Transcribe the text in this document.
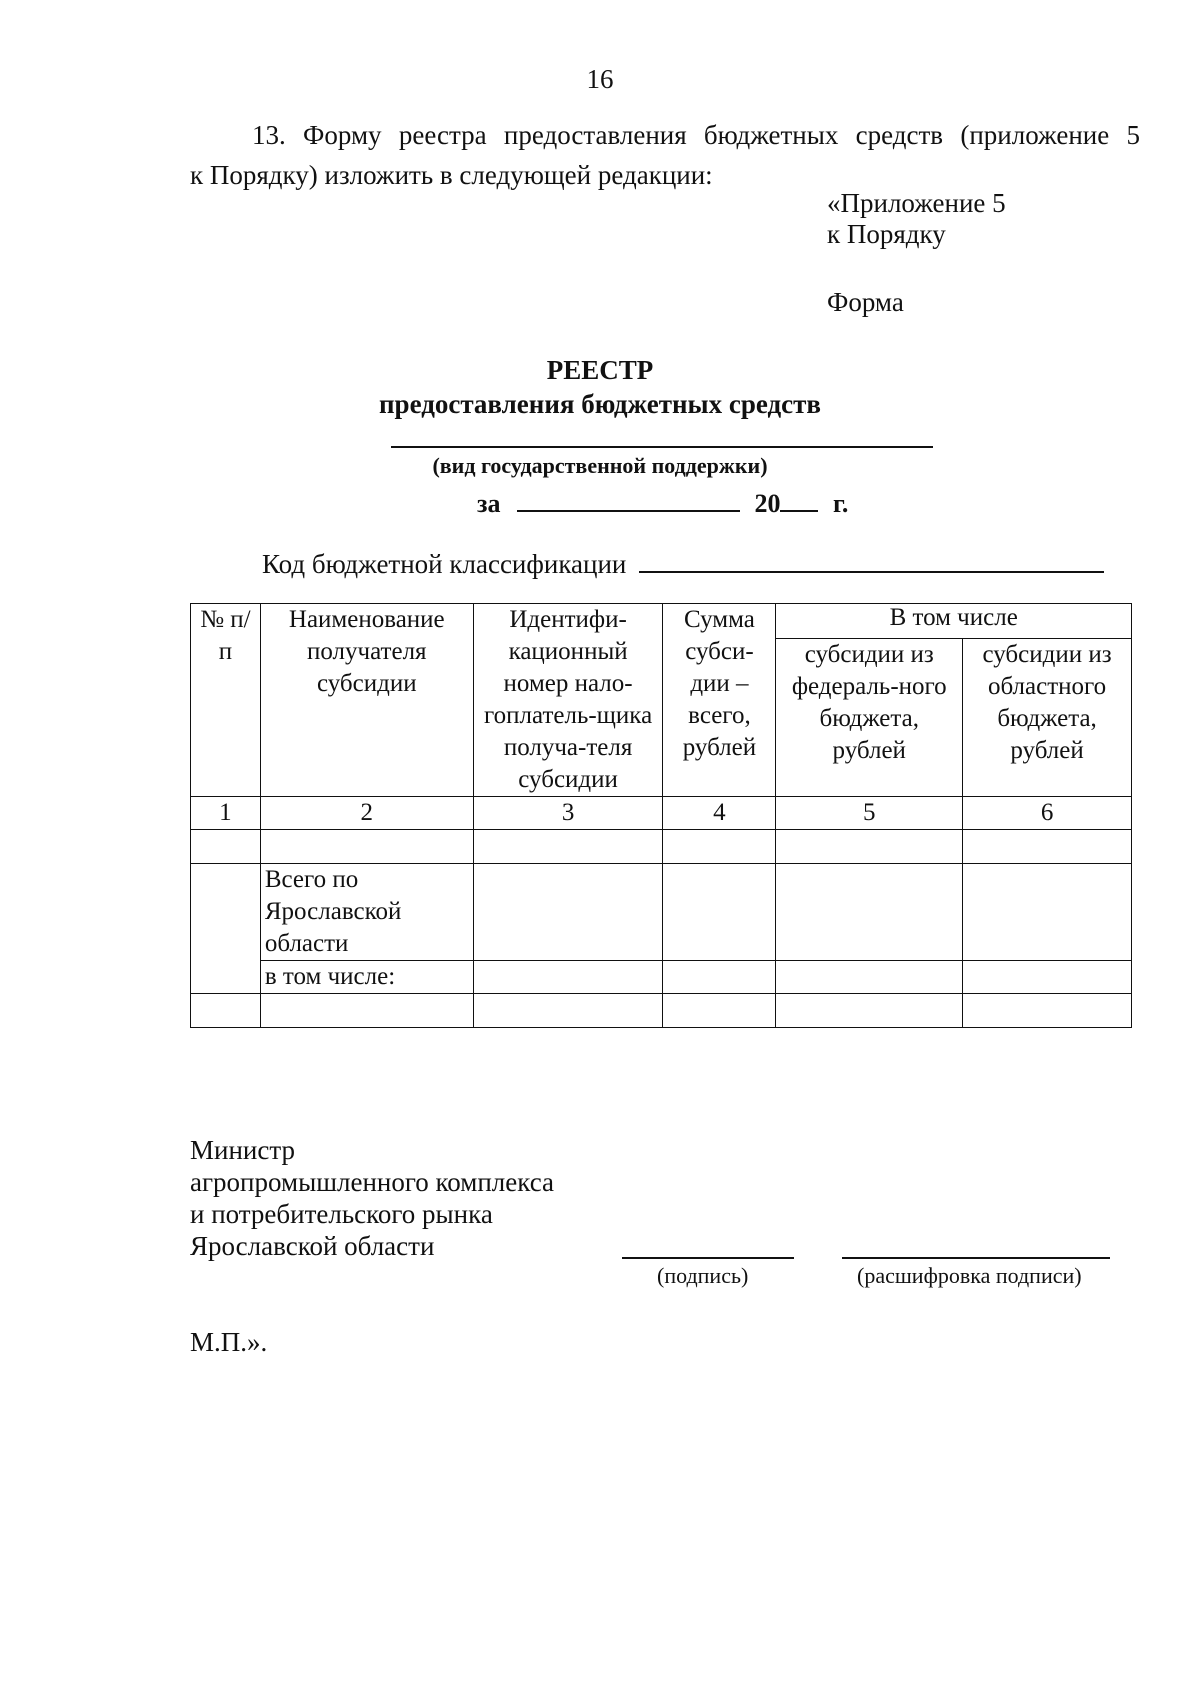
16
13. Форму реестра предоставления бюджетных средств (приложение 5
к Порядку) изложить в следующей редакции:
«Приложение 5
к Порядку
Форма
РЕЕСТР
предоставления бюджетных средств
(вид государственной поддержки)
за	20 г.
Код бюджетной классификации
№ п/п	Наименование получателя субсидии	Идентифи-кационный номер нало-гоплатель-щика получа-теля субсидии	Сумма субси-дии – всего, рублей	В том числе	
				субсидии из федераль-ного бюджета, рублей	субсидии из областного бюджета, рублей
1	2	3	4	5	6

	Всего по Ярославской области				

	в том числе:				

Министр
агропромышленного комплекса
и потребительского рынка
Ярославской области
(подпись)	(расшифровка подписи)
М.П.».
